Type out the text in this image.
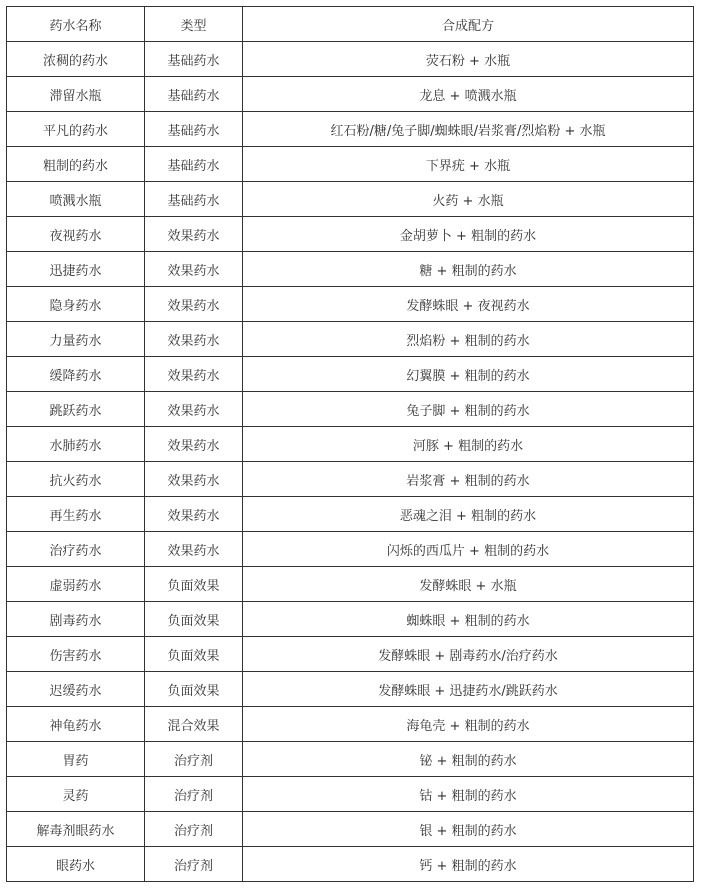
药水名称	类型	合成配方
浓稠的药水	基础药水	荧石粉 + 水瓶
滞留水瓶	基础药水	龙息 + 喷溅水瓶
平凡的药水	基础药水	红石粉/糖/兔子脚/蜘蛛眼/岩浆膏/烈焰粉 + 水瓶
粗制的药水	基础药水	下界疣 + 水瓶
喷溅水瓶	基础药水	火药 + 水瓶
夜视药水	效果药水	金胡萝卜 + 粗制的药水
迅捷药水	效果药水	糖 + 粗制的药水
隐身药水	效果药水	发酵蛛眼 + 夜视药水
力量药水	效果药水	烈焰粉 + 粗制的药水
缓降药水	效果药水	幻翼膜 + 粗制的药水
跳跃药水	效果药水	兔子脚 + 粗制的药水
水肺药水	效果药水	河豚 + 粗制的药水
抗火药水	效果药水	岩浆膏 + 粗制的药水
再生药水	效果药水	恶魂之泪 + 粗制的药水
治疗药水	效果药水	闪烁的西瓜片 + 粗制的药水
虚弱药水	负面效果	发酵蛛眼 + 水瓶
剧毒药水	负面效果	蜘蛛眼 + 粗制的药水
伤害药水	负面效果	发酵蛛眼 + 剧毒药水/治疗药水
迟缓药水	负面效果	发酵蛛眼 + 迅捷药水/跳跃药水
神龟药水	混合效果	海龟壳 + 粗制的药水
胃药	治疗剂	铋 + 粗制的药水
灵药	治疗剂	钴 + 粗制的药水
解毒剂眼药水	治疗剂	银 + 粗制的药水
眼药水	治疗剂	钙 + 粗制的药水
